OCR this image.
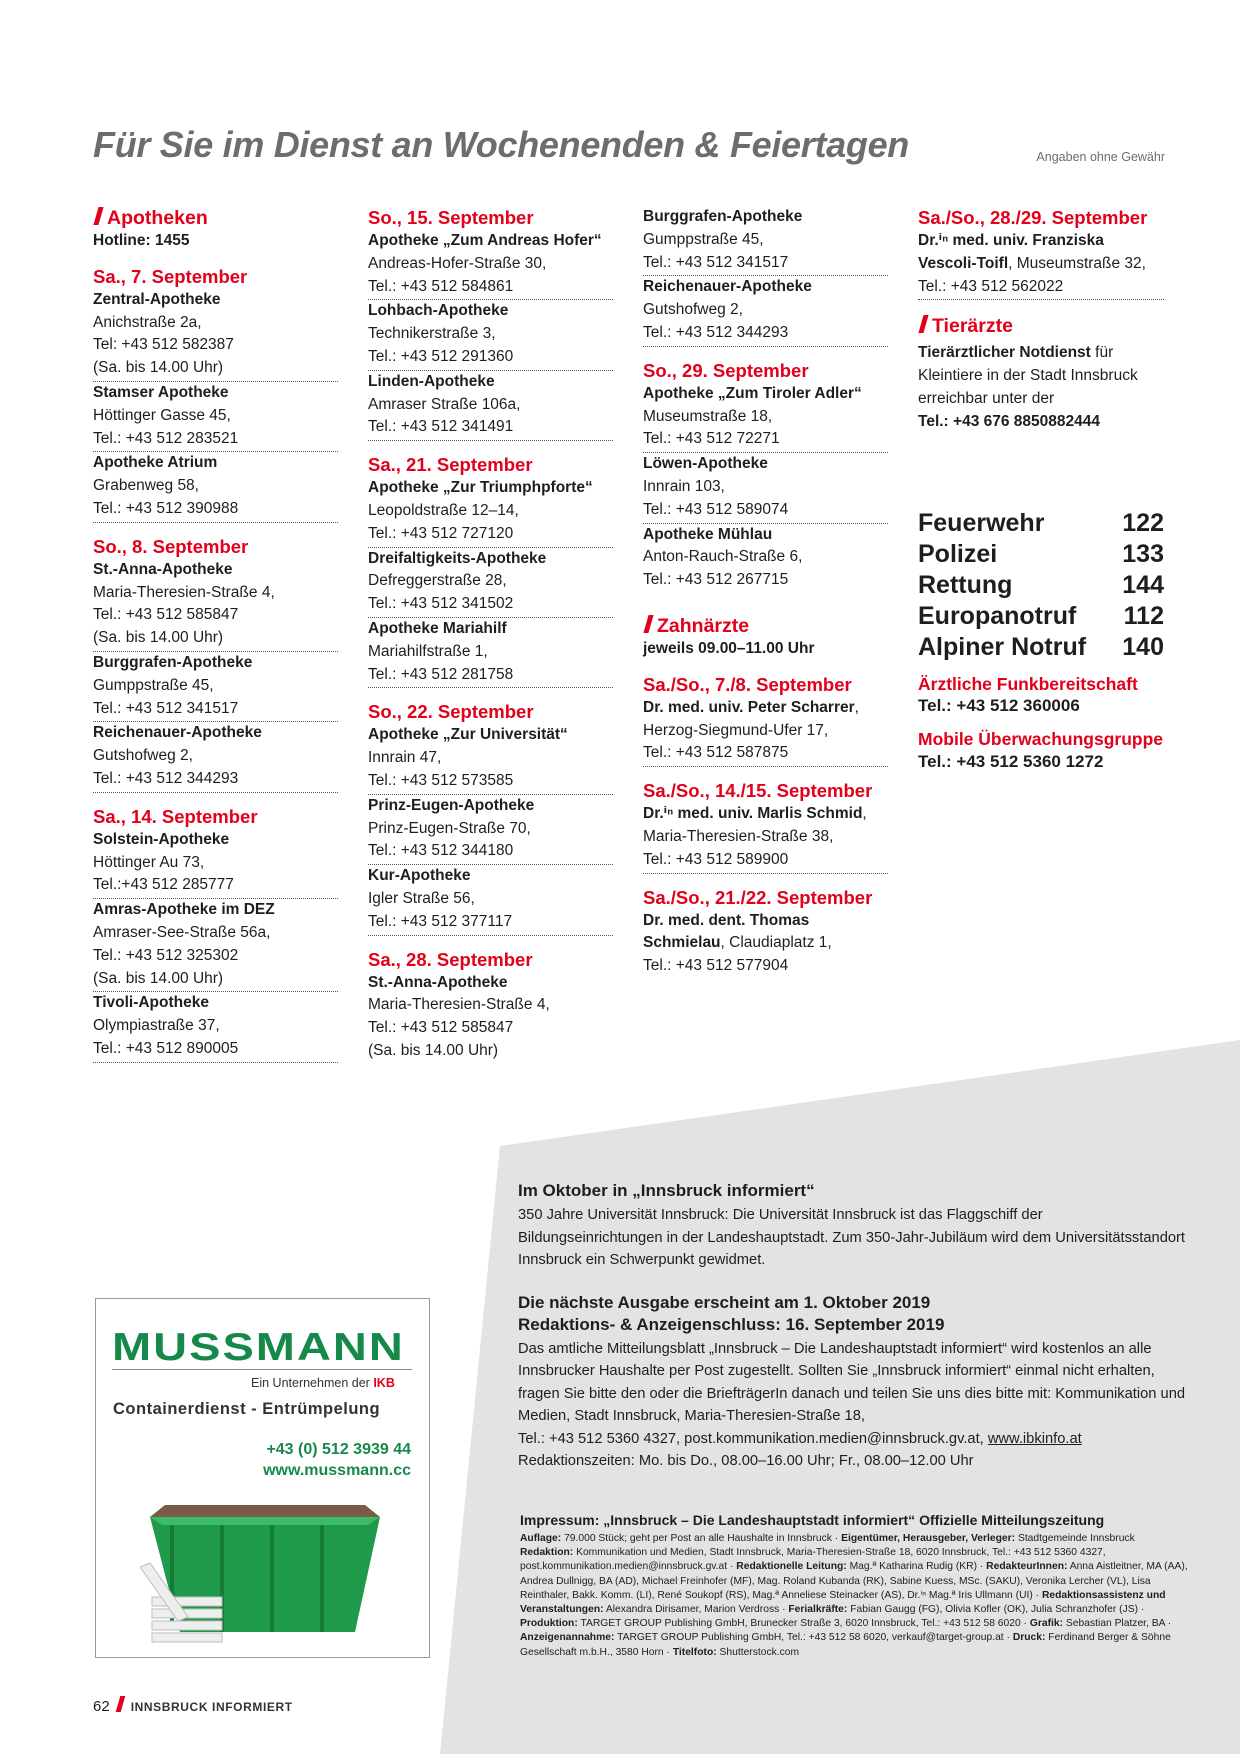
Für Sie im Dienst an Wochenenden & Feiertagen	Angaben ohne Gewähr
Apotheken
Hotline: 1455
Sa., 7. September
Zentral-Apotheke
Anichstraße 2a,
Tel: +43 512 582387
(Sa. bis 14.00 Uhr)
Stamser Apotheke
Höttinger Gasse 45,
Tel.: +43 512 283521
Apotheke Atrium
Grabenweg 58,
Tel.: +43 512 390988
So., 8. September
St.-Anna-Apotheke
Maria-Theresien-Straße 4,
Tel.: +43 512 585847
(Sa. bis 14.00 Uhr)
Burggrafen-Apotheke
Gumppstraße 45,
Tel.: +43 512 341517
Reichenauer-Apotheke
Gutshofweg 2,
Tel.: +43 512 344293
Sa., 14. September
Solstein-Apotheke
Höttinger Au 73,
Tel.:+43 512 285777
Amras-Apotheke im DEZ
Amraser-See-Straße 56a,
Tel.: +43 512 325302
(Sa. bis 14.00 Uhr)
Tivoli-Apotheke
Olympiastraße 37,
Tel.: +43 512 890005
So., 15. September
Apotheke „Zum Andreas Hofer“
Andreas-Hofer-Straße 30,
Tel.: +43 512 584861
Lohbach-Apotheke
Technikerstraße 3,
Tel.: +43 512 291360
Linden-Apotheke
Amraser Straße 106a,
Tel.: +43 512 341491
Sa., 21. September
Apotheke „Zur Triumphpforte“
Leopoldstraße 12–14,
Tel.: +43 512 727120
Dreifaltigkeits-Apotheke
Defreggerstraße 28,
Tel.: +43 512 341502
Apotheke Mariahilf
Mariahilfstraße 1,
Tel.: +43 512 281758
So., 22. September
Apotheke „Zur Universität“
Innrain 47,
Tel.: +43 512 573585
Prinz-Eugen-Apotheke
Prinz-Eugen-Straße 70,
Tel.: +43 512 344180
Kur-Apotheke
Igler Straße 56,
Tel.: +43 512 377117
Sa., 28. September
St.-Anna-Apotheke
Maria-Theresien-Straße 4,
Tel.: +43 512 585847
(Sa. bis 14.00 Uhr)
Burggrafen-Apotheke
Gumppstraße 45,
Tel.: +43 512 341517
Reichenauer-Apotheke
Gutshofweg 2,
Tel.: +43 512 344293
So., 29. September
Apotheke „Zum Tiroler Adler“
Museumstraße 18,
Tel.: +43 512 72271
Löwen-Apotheke
Innrain 103,
Tel.: +43 512 589074
Apotheke Mühlau
Anton-Rauch-Straße 6,
Tel.: +43 512 267715
Zahnärzte
jeweils 09.00–11.00 Uhr
Sa./So., 7./8. September
Dr. med. univ. Peter Scharrer,
Herzog-Siegmund-Ufer 17,
Tel.: +43 512 587875
Sa./So., 14./15. September
Dr.ⁱⁿ med. univ. Marlis Schmid,
Maria-Theresien-Straße 38,
Tel.: +43 512 589900
Sa./So., 21./22. September
Dr. med. dent. Thomas Schmielau, Claudiaplatz 1,
Tel.: +43 512 577904
Sa./So., 28./29. September
Dr.ⁱⁿ med. univ. Franziska Vescoli-Toifl, Museumstraße 32,
Tel.: +43 512 562022
Tierärzte
Tierärztlicher Notdienst für Kleintiere in der Stadt Innsbruck erreichbar unter der
Tel.: +43 676 8850882444
Feuerwehr	122
Polizei	133
Rettung	144
Europanotruf 112
Alpiner Notruf 140
Ärztliche Funkbereitschaft
Tel.: +43 512 360006
Mobile Überwachungsgruppe
Tel.: +43 512 5360 1272
MUSSMANN
Ein Unternehmen der IKB
Containerdienst - Entrümpelung
+43 (0) 512 3939 44
www.mussmann.cc
Im Oktober in „Innsbruck informiert“
350 Jahre Universität Innsbruck: Die Universität Innsbruck ist das Flaggschiff der Bildungseinrichtungen in der Landeshauptstadt. Zum 350-Jahr-Jubiläum wird dem Universitätsstandort Innsbruck ein Schwerpunkt gewidmet.
Die nächste Ausgabe erscheint am 1. Oktober 2019
Redaktions- & Anzeigenschluss: 16. September 2019
Das amtliche Mitteilungsblatt „Innsbruck – Die Landeshauptstadt informiert“ wird kostenlos an alle Innsbrucker Haushalte per Post zugestellt. Sollten Sie „Innsbruck informiert“ einmal nicht erhalten, fragen Sie bitte den oder die BriefträgerIn danach und teilen Sie uns dies bitte mit: Kommunikation und Medien, Stadt Innsbruck, Maria-Theresien-Straße 18,
Tel.: +43 512 5360 4327, post.kommunikation.medien@innsbruck.gv.at, www.ibkinfo.at
Redaktionszeiten: Mo. bis Do., 08.00–16.00 Uhr; Fr., 08.00–12.00 Uhr
Impressum: „Innsbruck – Die Landeshauptstadt informiert“ Offizielle Mitteilungszeitung
Auflage: 79.000 Stück; geht per Post an alle Haushalte in Innsbruck · Eigentümer, Herausgeber, Verleger: Stadtgemeinde Innsbruck Redaktion: Kommunikation und Medien, Stadt Innsbruck, Maria-Theresien-Straße 18, 6020 Innsbruck, Tel.: +43 512 5360 4327, post.kommunikation.medien@innsbruck.gv.at · Redaktionelle Leitung: Mag.ª Katharina Rudig (KR) · RedakteurInnen: Anna Aistleitner, MA (AA), Andrea Dullnigg, BA (AD), Michael Freinhofer (MF), Mag. Roland Kubanda (RK), Sabine Kuess, MSc. (SAKU), Veronika Lercher (VL), Lisa Reinthaler, Bakk. Komm. (LI), René Soukopf (RS), Mag.ª Anneliese Steinacker (AS), Dr.ⁱⁿ Mag.ª Iris Ullmann (UI) · Redaktionsassistenz und Veranstaltungen: Alexandra Dirisamer, Marion Verdross · Ferialkräfte: Fabian Gaugg (FG), Olivia Kofler (OK), Julia Schranzhofer (JS) · Produktion: TARGET GROUP Publishing GmbH, Brunecker Straße 3, 6020 Innsbruck, Tel.: +43 512 58 6020 · Grafik: Sebastian Platzer, BA · Anzeigenannahme: TARGET GROUP Publishing GmbH, Tel.: +43 512 58 6020, verkauf@target-group.at · Druck: Ferdinand Berger & Söhne Gesellschaft m.b.H., 3580 Horn · Titelfoto: Shutterstock.com
62 INNSBRUCK INFORMIERT
